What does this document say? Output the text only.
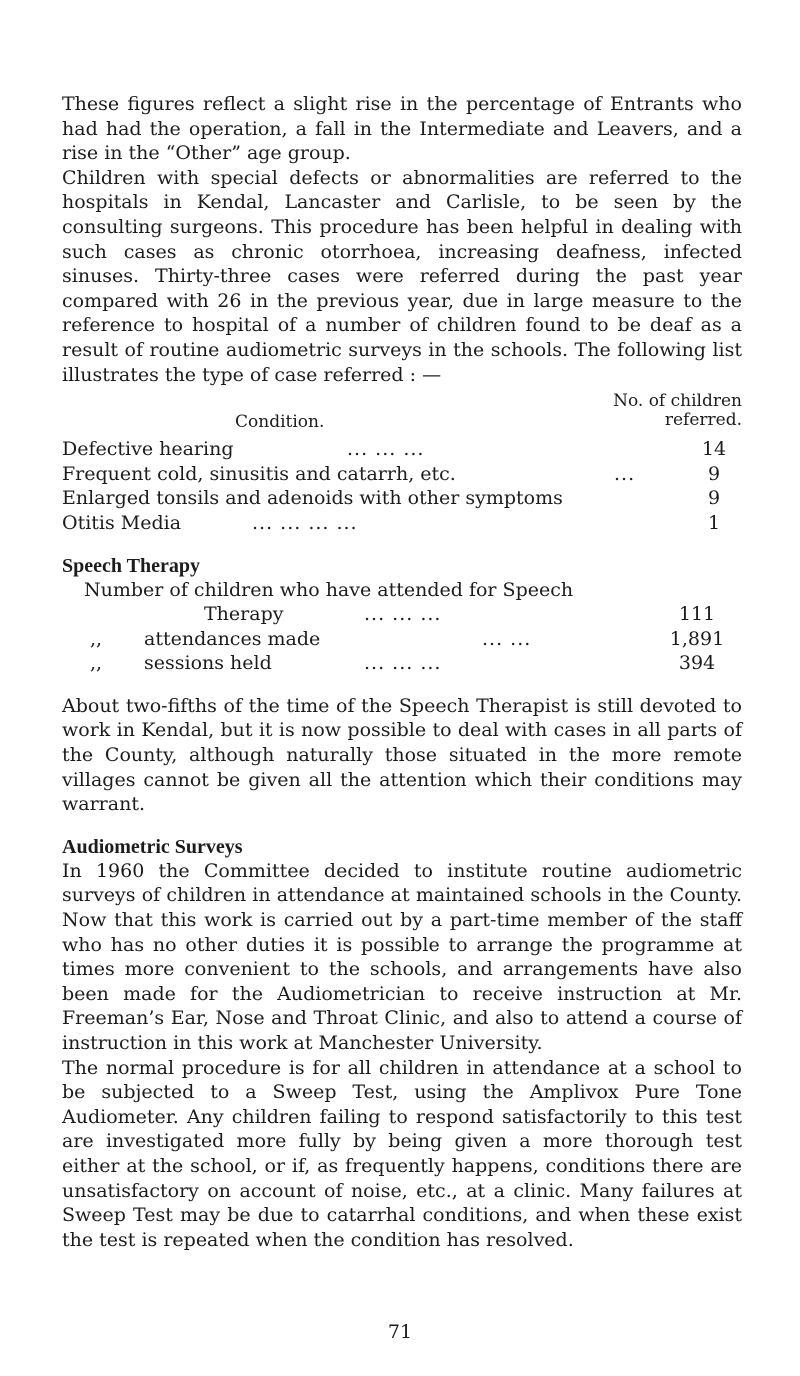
These figures reflect a slight rise in the percentage of Entrants who had had the operation, a fall in the Intermediate and Leavers, and a rise in the “Other” age group.

Children with special defects or abnormalities are referred to the hospitals in Kendal, Lancaster and Carlisle, to be seen by the consulting surgeons. This procedure has been helpful in dealing with such cases as chronic otorrhoea, increasing deafness, infected sinuses. Thirty-three cases were referred during the past year compared with 26 in the previous year, due in large measure to the reference to hospital of a number of children found to be deaf as a result of routine audiometric surveys in the schools. The following list illustrates the type of case referred : —

Condition.
No. of children
referred.
Defective hearing	... ... ...	14
Frequent cold, sinusitis and catarrh, etc.	...	9
Enlarged tonsils and adenoids with other symptoms	9
Otitis Media	... ... ... ...	1
Speech Therapy
Number of children who have attended for Speech
Therapy	... ... ...	111
,, attendances made	... ...	1,891
,, sessions held	... ... ...	394

About two-fifths of the time of the Speech Therapist is still devoted to work in Kendal, but it is now possible to deal with cases in all parts of the County, although naturally those situated in the more remote villages cannot be given all the attention which their conditions may warrant.

Audiometric Surveys

In 1960 the Committee decided to institute routine audiometric surveys of children in attendance at maintained schools in the County. Now that this work is carried out by a part-time member of the staff who has no other duties it is possible to arrange the programme at times more convenient to the schools, and arrangements have also been made for the Audiometrician to receive instruction at Mr. Freeman’s Ear, Nose and Throat Clinic, and also to attend a course of instruction in this work at Manchester University.

The normal procedure is for all children in attendance at a school to be subjected to a Sweep Test, using the Amplivox Pure Tone Audiometer. Any children failing to respond satisfactorily to this test are investigated more fully by being given a more thorough test either at the school, or if, as frequently happens, conditions there are unsatisfactory on account of noise, etc., at a clinic. Many failures at Sweep Test may be due to catarrhal conditions, and when these exist the test is repeated when the condition has resolved.

71
